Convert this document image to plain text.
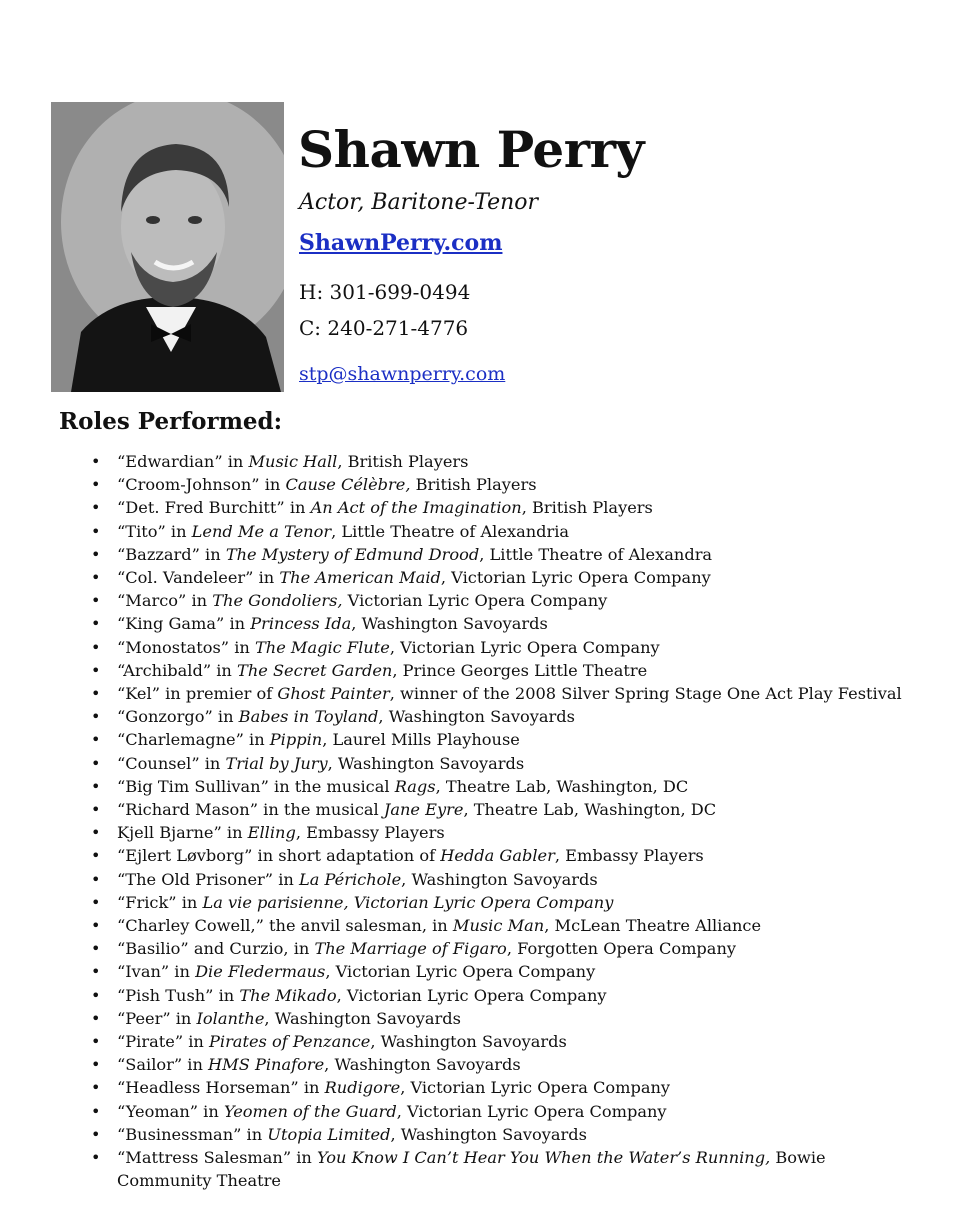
Shawn Perry

Actor, Baritone-Tenor

ShawnPerry.com

H: 301-699-0494

C: 240-271-4776

stp@shawnperry.com
Roles Performed:
• “Edwardian” in Music Hall, British Players
• “Croom-Johnson” in Cause Célèbre, British Players
• “Det. Fred Burchitt” in An Act of the Imagination, British Players
• “Tito” in Lend Me a Tenor, Little Theatre of Alexandria
• “Bazzard” in The Mystery of Edmund Drood, Little Theatre of Alexandra
• “Col. Vandeleer” in The American Maid, Victorian Lyric Opera Company
• “Marco” in The Gondoliers, Victorian Lyric Opera Company
• “King Gama” in Princess Ida, Washington Savoyards
• “Monostatos” in The Magic Flute, Victorian Lyric Opera Company
• “Archibald” in The Secret Garden, Prince Georges Little Theatre
• “Kel” in premier of Ghost Painter, winner of the 2008 Silver Spring Stage One Act Play Festival
• “Gonzorgo” in Babes in Toyland, Washington Savoyards
• “Charlemagne” in Pippin, Laurel Mills Playhouse
• “Counsel” in Trial by Jury, Washington Savoyards
• “Big Tim Sullivan” in the musical Rags, Theatre Lab, Washington, DC
• “Richard Mason” in the musical Jane Eyre, Theatre Lab, Washington, DC
• Kjell Bjarne” in Elling, Embassy Players
• “Ejlert Løvborg” in short adaptation of Hedda Gabler, Embassy Players
• “The Old Prisoner” in La Périchole, Washington Savoyards
• “Frick” in La vie parisienne, Victorian Lyric Opera Company
• “Charley Cowell,” the anvil salesman, in Music Man, McLean Theatre Alliance
• “Basilio” and Curzio, in The Marriage of Figaro, Forgotten Opera Company
• “Ivan” in Die Fledermaus, Victorian Lyric Opera Company
• “Pish Tush” in The Mikado, Victorian Lyric Opera Company
• “Peer” in Iolanthe, Washington Savoyards
• “Pirate” in Pirates of Penzance, Washington Savoyards
• “Sailor” in HMS Pinafore, Washington Savoyards
• “Headless Horseman” in Rudigore, Victorian Lyric Opera Company
• “Yeoman” in Yeomen of the Guard, Victorian Lyric Opera Company
• “Businessman” in Utopia Limited, Washington Savoyards
• “Mattress Salesman” in You Know I Can’t Hear You When the Water’s Running, Bowie Community Theatre
